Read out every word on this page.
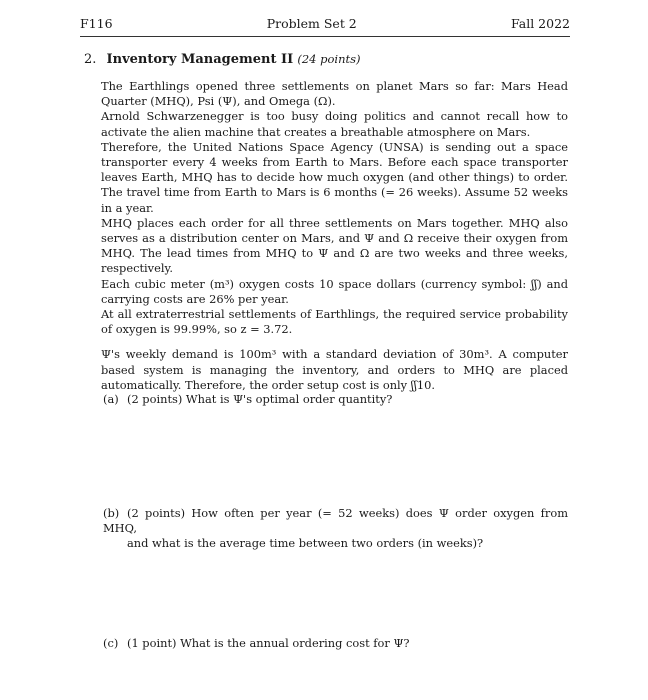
F116	Problem Set 2	Fall 2022
2. Inventory Management II (24 points)

The Earthlings opened three settlements on planet Mars so far: Mars Head Quarter (MHQ), Psi (Ψ), and Omega (Ω).

Arnold Schwarzenegger is too busy doing politics and cannot recall how to activate the alien machine that creates a breathable atmosphere on Mars.

Therefore, the United Nations Space Agency (UNSA) is sending out a space transporter every 4 weeks from Earth to Mars. Before each space transporter leaves Earth, MHQ has to decide how much oxygen (and other things) to order. The travel time from Earth to Mars is 6 months (= 26 weeks). Assume 52 weeks in a year.

MHQ places each order for all three settlements on Mars together. MHQ also serves as a distribution center on Mars, and Ψ and Ω receive their oxygen from MHQ. The lead times from MHQ to Ψ and Ω are two weeks and three weeks, respectively.

Each cubic meter (m³) oxygen costs 10 space dollars (currency symbol: ʃʃ) and carrying costs are 26% per year.

At all extraterrestrial settlements of Earthlings, the required service probability of oxygen is 99.99%, so z = 3.72.

Ψ's weekly demand is 100m³ with a standard deviation of 30m³. A computer based system is managing the inventory, and orders to MHQ are placed automatically. Therefore, the order setup cost is only ʃʃ10.

(a) (2 points) What is Ψ's optimal order quantity?
(b) (2 points) How often per year (= 52 weeks) does Ψ order oxygen from MHQ,
and what is the average time between two orders (in weeks)?
(c) (1 point) What is the annual ordering cost for Ψ?
